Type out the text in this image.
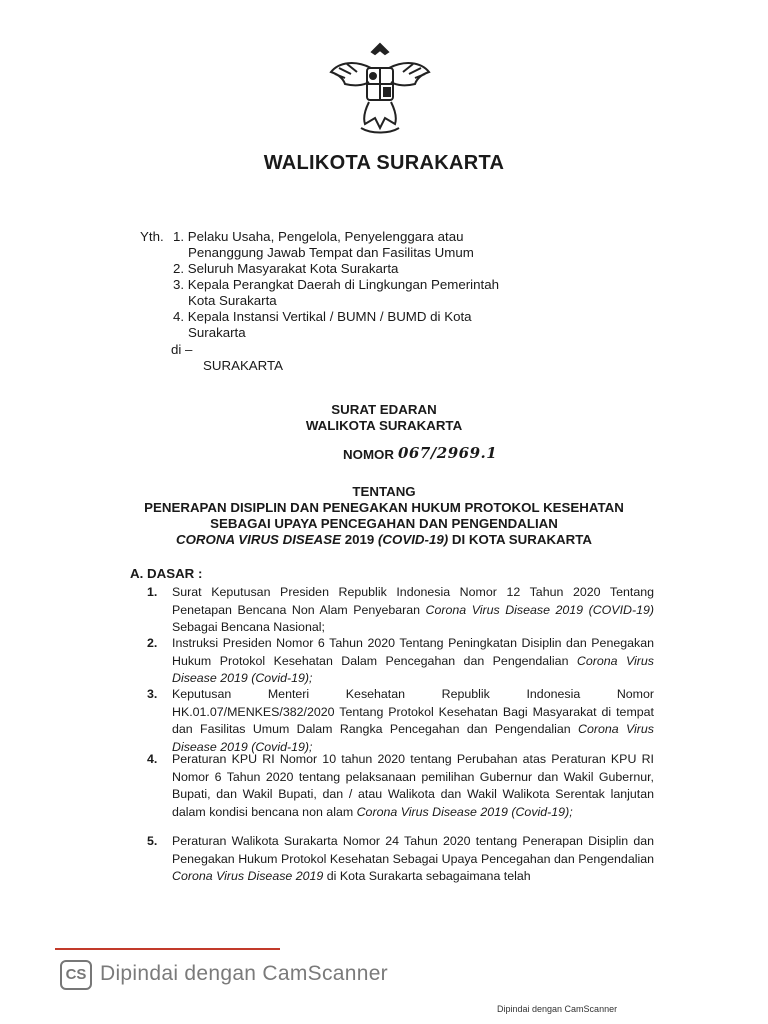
WALIKOTA SURAKARTA
Yth. 1. Pelaku Usaha, Pengelola, Penyelenggara atau
Penanggung Jawab Tempat dan Fasilitas Umum
2. Seluruh Masyarakat Kota Surakarta
3. Kepala Perangkat Daerah di Lingkungan Pemerintah
Kota Surakarta
4. Kepala Instansi Vertikal / BUMN / BUMD di Kota
Surakarta
di –
SURAKARTA
SURAT EDARAN
WALIKOTA SURAKARTA
NOMOR 067/2969.1
TENTANG
PENERAPAN DISIPLIN DAN PENEGAKAN HUKUM PROTOKOL KESEHATAN
SEBAGAI UPAYA PENCEGAHAN DAN PENGENDALIAN
CORONA VIRUS DISEASE 2019 (COVID-19) DI KOTA SURAKARTA
A. DASAR :
1. Surat Keputusan Presiden Republik Indonesia Nomor 12 Tahun 2020 Tentang Penetapan Bencana Non Alam Penyebaran Corona Virus Disease 2019 (COVID-19) Sebagai Bencana Nasional;
2. Instruksi Presiden Nomor 6 Tahun 2020 Tentang Peningkatan Disiplin dan Penegakan Hukum Protokol Kesehatan Dalam Pencegahan dan Pengendalian Corona Virus Disease 2019 (Covid-19);
3. Keputusan Menteri Kesehatan Republik Indonesia Nomor HK.01.07/MENKES/382/2020 Tentang Protokol Kesehatan Bagi Masyarakat di tempat dan Fasilitas Umum Dalam Rangka Pencegahan dan Pengendalian Corona Virus Disease 2019 (Covid-19);
4. Peraturan KPU RI Nomor 10 tahun 2020 tentang Perubahan atas Peraturan KPU RI Nomor 6 Tahun 2020 tentang pelaksanaan pemilihan Gubernur dan Wakil Gubernur, Bupati, dan Wakil Bupati, dan / atau Walikota dan Wakil Walikota Serentak lanjutan dalam kondisi bencana non alam Corona Virus Disease 2019 (Covid-19);
5. Peraturan Walikota Surakarta Nomor 24 Tahun 2020 tentang Penerapan Disiplin dan Penegakan Hukum Protokol Kesehatan Sebagai Upaya Pencegahan dan Pengendalian Corona Virus Disease 2019 di Kota Surakarta sebagaimana telah
CS Dipindai dengan CamScanner
Dipindai dengan CamScanner
